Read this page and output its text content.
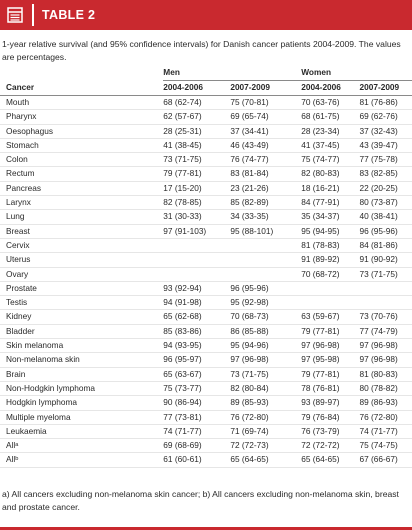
TABLE 2
1-year relative survival (and 95% confidence intervals) for Danish cancer patients 2004-2009. The values are percentages.
	Men		Women	
Cancer	2004-2006	2007-2009	2004-2006	2007-2009
Mouth	68 (62-74)	75 (70-81)	70 (63-76)	81 (76-86)
Pharynx	62 (57-67)	69 (65-74)	68 (61-75)	69 (62-76)
Oesophagus	28 (25-31)	37 (34-41)	28 (23-34)	37 (32-43)
Stomach	41 (38-45)	46 (43-49)	41 (37-45)	43 (39-47)
Colon	73 (71-75)	76 (74-77)	75 (74-77)	77 (75-78)
Rectum	79 (77-81)	83 (81-84)	82 (80-83)	83 (82-85)
Pancreas	17 (15-20)	23 (21-26)	18 (16-21)	22 (20-25)
Larynx	82 (78-85)	85 (82-89)	84 (77-91)	80 (73-87)
Lung	31 (30-33)	34 (33-35)	35 (34-37)	40 (38-41)
Breast	97 (91-103)	95 (88-101)	95 (94-95)	96 (95-96)
Cervix			81 (78-83)	84 (81-86)
Uterus			91 (89-92)	91 (90-92)
Ovary			70 (68-72)	73 (71-75)
Prostate	93 (92-94)	96 (95-96)		
Testis	94 (91-98)	95 (92-98)		
Kidney	65 (62-68)	70 (68-73)	63 (59-67)	73 (70-76)
Bladder	85 (83-86)	86 (85-88)	79 (77-81)	77 (74-79)
Skin melanoma	94 (93-95)	95 (94-96)	97 (96-98)	97 (96-98)
Non-melanoma skin	96 (95-97)	97 (96-98)	97 (95-98)	97 (96-98)
Brain	65 (63-67)	73 (71-75)	79 (77-81)	81 (80-83)
Non-Hodgkin lymphoma	75 (73-77)	82 (80-84)	78 (76-81)	80 (78-82)
Hodgkin lymphoma	90 (86-94)	89 (85-93)	93 (89-97)	89 (86-93)
Multiple myeloma	77 (73-81)	76 (72-80)	79 (76-84)	76 (72-80)
Leukaemia	74 (71-77)	71 (69-74)	76 (73-79)	74 (71-77)
Allᵃ	69 (68-69)	72 (72-73)	72 (72-72)	75 (74-75)
Allᵇ	61 (60-61)	65 (64-65)	65 (64-65)	67 (66-67)
a) All cancers excluding non-melanoma skin cancer; b) All cancers excluding non-melanoma skin, breast and prostate cancer.
